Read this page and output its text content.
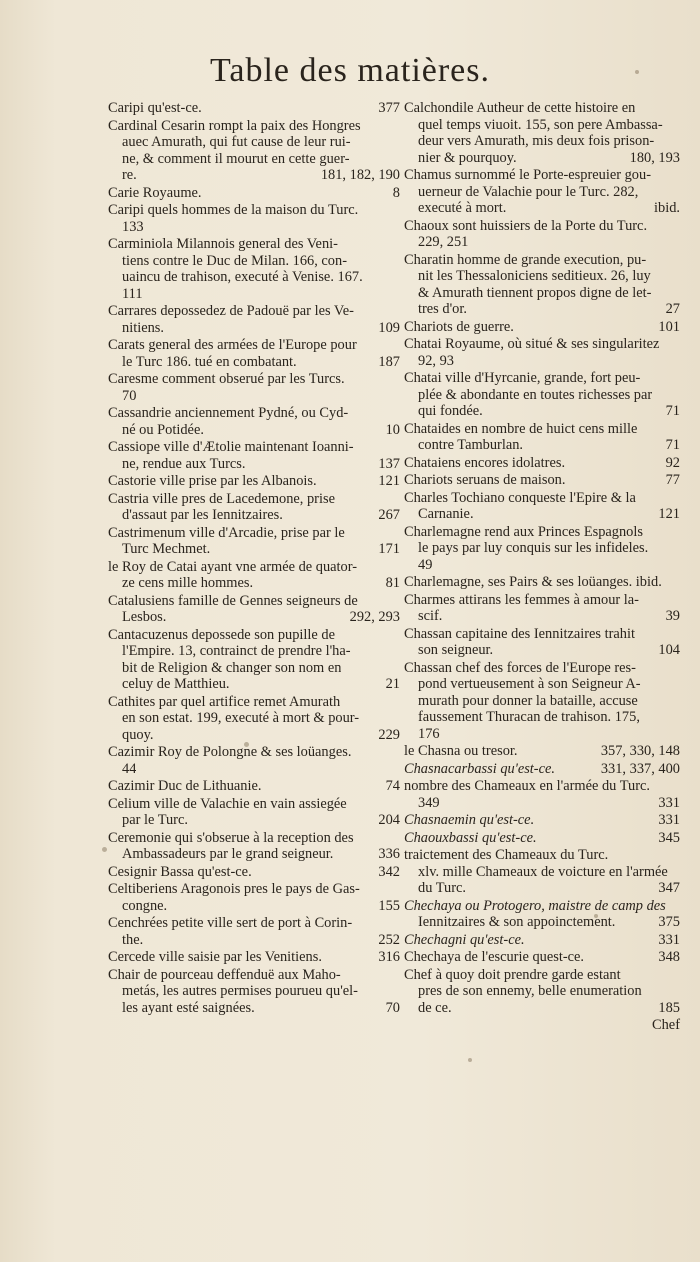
Table des matières.
Caripi qu'est-ce.	377
Cardinal Cesarin rompt la paix des Hongres
auec Amurath, qui fut cause de leur rui-
ne, & comment il mourut en cette guer-
re.	181, 182, 190
Carie Royaume.	8
Caripi quels hommes de la maison du Turc.
133
Carminiola Milannois general des Veni-
tiens contre le Duc de Milan. 166, con-
uaincu de trahison, executé à Venise. 167.
111
Carrares depossedez de Padouë par les Ve-
nitiens.	109
Carats general des armées de l'Europe pour
le Turc 186. tué en combatant.	187
Caresme comment obserué par les Turcs.
70
Cassandrie anciennement Pydné, ou Cyd-
né ou Potidée.	10
Cassiope ville d'Ætolie maintenant Ioanni-
ne, rendue aux Turcs.	137
Castorie ville prise par les Albanois.	121
Castria ville pres de Lacedemone, prise
d'assaut par les Iennitzaires.	267
Castrimenum ville d'Arcadie, prise par le
Turc Mechmet.	171
le Roy de Catai ayant vne armée de quator-
ze cens mille hommes.	81
Catalusiens famille de Gennes seigneurs de
Lesbos.	292, 293
Cantacuzenus depossede son pupille de
l'Empire. 13, contrainct de prendre l'ha-
bit de Religion & changer son nom en
celuy de Matthieu.	21
Cathites par quel artifice remet Amurath
en son estat. 199, executé à mort & pour-
quoy.	229
Cazimir Roy de Polongne & ses loüanges.
44
Cazimir Duc de Lithuanie.	74
Celium ville de Valachie en vain assiegée
par le Turc.	204
Ceremonie qui s'obserue à la reception des
Ambassadeurs par le grand seigneur.	336
Cesignir Bassa qu'est-ce.	342
Celtiberiens Aragonois pres le pays de Gas-
congne.	155
Cenchrées petite ville sert de port à Corin-
the.	252
Cercede ville saisie par les Venitiens.	316
Chair de pourceau deffenduë aux Maho-
metás, les autres permises pourueu qu'el-
les ayant esté saignées.	70
Calchondile Autheur de cette histoire en
quel temps viuoit. 155, son pere Ambassa-
deur vers Amurath, mis deux fois prison-
nier & pourquoy.	180, 193
Chamus surnommé le Porte-espreuier gou-
uerneur de Valachie pour le Turc. 282,
executé à mort.	ibid.
Chaoux sont huissiers de la Porte du Turc.
229, 251
Charatin homme de grande execution, pu-
nit les Thessaloniciens seditieux. 26, luy
& Amurath tiennent propos digne de let-
tres d'or.	27
Chariots de guerre.	101
Chatai Royaume, où situé & ses singularitez
92, 93
Chatai ville d'Hyrcanie, grande, fort peu-
plée & abondante en toutes richesses par
qui fondée.	71
Chataides en nombre de huict cens mille
contre Tamburlan.	71
Chataiens encores idolatres.	92
Chariots seruans de maison.	77
Charles Tochiano conqueste l'Epire & la
Carnanie.	121
Charlemagne rend aux Princes Espagnols
le pays par luy conquis sur les infideles.
49
Charlemagne, ses Pairs & ses loüanges. ibid.
Charmes attirans les femmes à amour la-
scif.	39
Chassan capitaine des Iennitzaires trahit
son seigneur.	104
Chassan chef des forces de l'Europe res-
pond vertueusement à son Seigneur A-
murath pour donner la bataille, accuse
faussement Thuracan de trahison. 175,
176
le Chasna ou tresor.	357, 330, 148
Chasnacarbassi qu'est-ce.	331, 337, 400
nombre des Chameaux en l'armée du Turc.
349	331
Chasnaemin qu'est-ce.	331
Chaouxbassi qu'est-ce.	345
traictement des Chameaux du Turc.
xlv. mille Chameaux de voicture en l'armée
du Turc.	347
Chechaya ou Protogero, maistre de camp des
Iennitzaires & son appoinctement.	375
Chechagni qu'est-ce.	331
Chechaya de l'escurie quest-ce.	348
Chef à quoy doit prendre garde estant
pres de son ennemy, belle enumeration
de ce.	185
Chef
